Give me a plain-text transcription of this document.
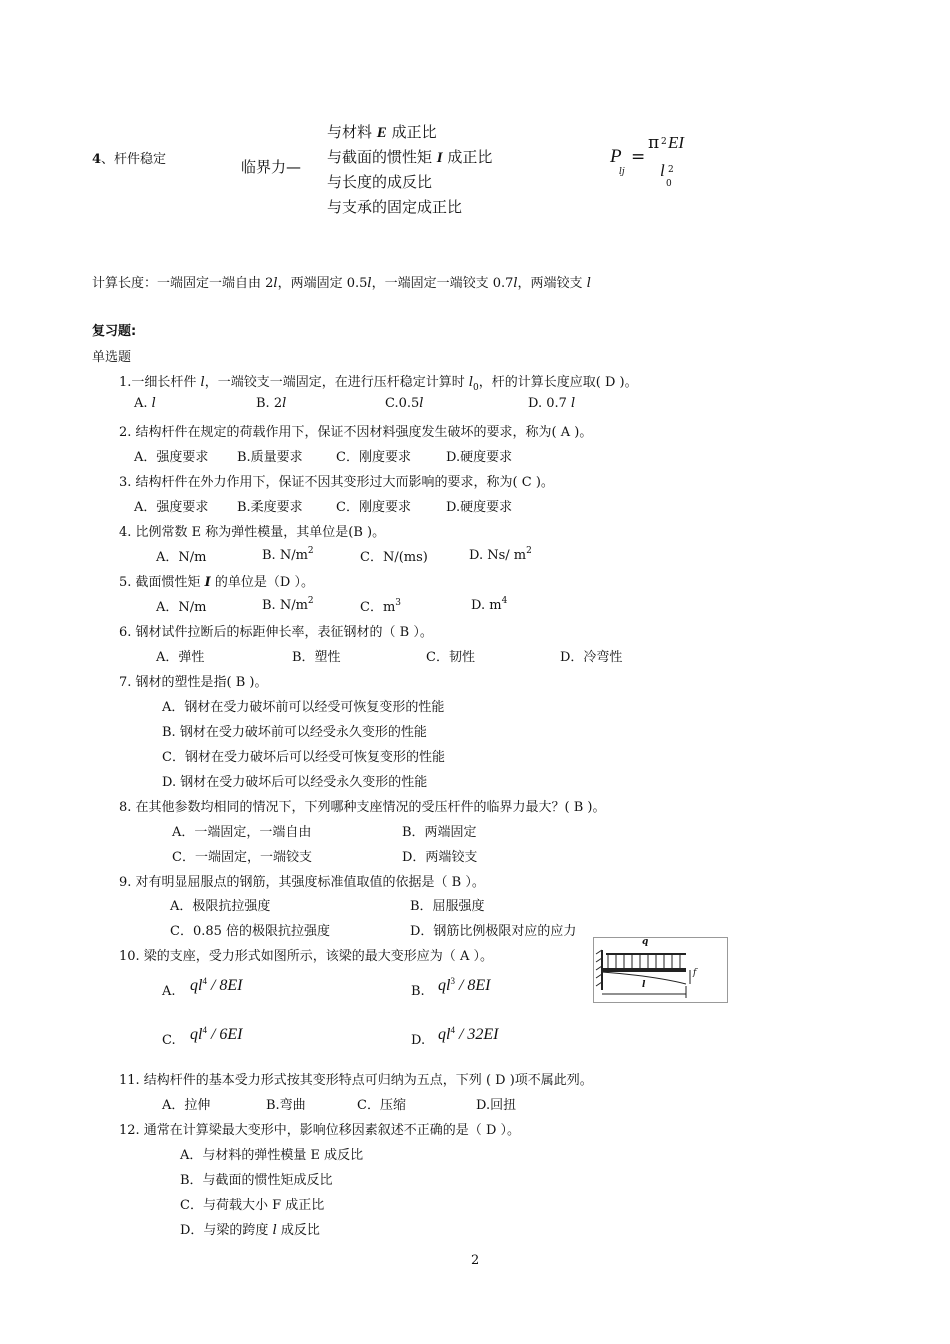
4、杆件稳定	临界力—
与材料 E 成正比
与截面的惯性矩 I 成正比
与长度的成反比
与支承的固定成正比
P
lj
=
π 2 EI
l 2
0
计算长度：一端固定一端自由 2l，两端固定 0.5l，一端固定一端铰支 0.7l，两端铰支 l
复习题:
单选题
1.一细长杆件 l，一端铰支一端固定，在进行压杆稳定计算时 $l_0$，杆的计算长度应取( D )。
A. l	B. 2l	C.0.5l	D. 0.7 l
2. 结构杆件在规定的荷载作用下，保证不因材料强度发生破坏的要求，称为( A )。
A．强度要求 B.质量要求	C．刚度要求	D.硬度要求
3. 结构杆件在外力作用下，保证不因其变形过大而影响的要求，称为( C )。
A．强度要求 B.柔度要求	C．刚度要求	D.硬度要求
4. 比例常数 E 称为弹性模量，其单位是(B )。
A．N/m	B. $N/m^2$	C．N/(ms)	D. Ns/ $m^2$
5. 截面惯性矩 I 的单位是（D ）。
A．N/m	B. $N/m^2$	C．$m^3$	D. $m^4$
6. 钢材试件拉断后的标距伸长率，表征钢材的（ B ）。
A．弹性	B．塑性	C．韧性	D．冷弯性
7. 钢材的塑性是指( B )。
A．钢材在受力破坏前可以经受可恢复变形的性能
B. 钢材在受力破坏前可以经受永久变形的性能
C．钢材在受力破坏后可以经受可恢复变形的性能
D. 钢材在受力破坏后可以经受永久变形的性能
8. 在其他参数均相同的情况下，下列哪种支座情况的受压杆件的临界力最大？( B )。
A．一端固定，一端自由	B．两端固定
C．一端固定，一端铰支	D．两端铰支
9. 对有明显屈服点的钢筋，其强度标准值取值的依据是（ B ）。
A．极限抗拉强度	B．屈服强度
C．0.85 倍的极限抗拉强度	D．钢筋比例极限对应的应力
10. 梁的支座，受力形式如图所示，该梁的最大变形应为（ A ）。
A. $ql^4 / 8EI$	B. $ql^3 / 8EI$
C. $ql^4 / 6EI$	D. $ql^4 / 32EI$
q
l
f
11. 结构杆件的基本受力形式按其变形特点可归纳为五点，下列 ( D )项不属此列。
A．拉伸	B.弯曲	C．压缩	D.回扭
12. 通常在计算梁最大变形中，影响位移因素叙述不正确的是（ D ）。
A．与材料的弹性模量 E 成反比
B．与截面的惯性矩成反比
C．与荷载大小 F 成正比
D．与梁的跨度 l 成反比
2
